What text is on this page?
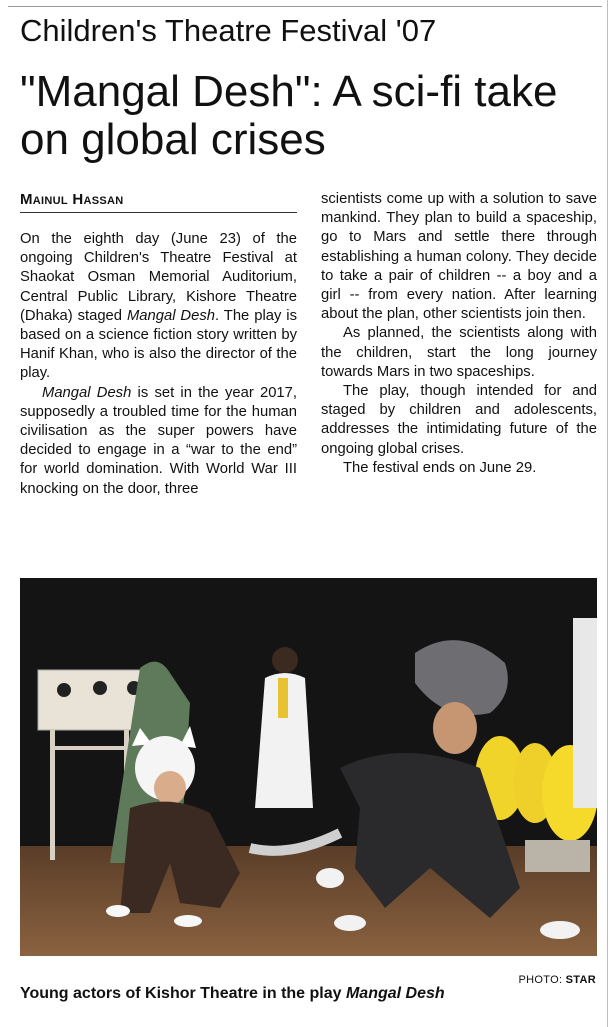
Children's Theatre Festival '07
"Mangal Desh": A sci-fi take on global crises
Mainul Hassan

On the eighth day (June 23) of the ongoing Children's Theatre Festival at Shaokat Osman Memorial Auditorium, Central Public Library, Kishore Theatre (Dhaka) staged Mangal Desh. The play is based on a science fiction story written by Hanif Khan, who is also the director of the play.

Mangal Desh is set in the year 2017, supposedly a troubled time for the human civilisation as the super powers have decided to engage in a “war to the end” for world domination. With World War III knocking on the door, three

scientists come up with a solution to save mankind. They plan to build a spaceship, go to Mars and settle there through establishing a human colony. They decide to take a pair of children -- a boy and a girl -- from every nation. After learning about the plan, other scientists join then.

As planned, the scientists along with the children, start the long journey towards Mars in two spaceships.

The play, though intended for and staged by children and adolescents, addresses the intimidating future of the ongoing global crises.

The festival ends on June 29.

PHOTO: STAR
Young actors of Kishor Theatre in the play Mangal Desh
